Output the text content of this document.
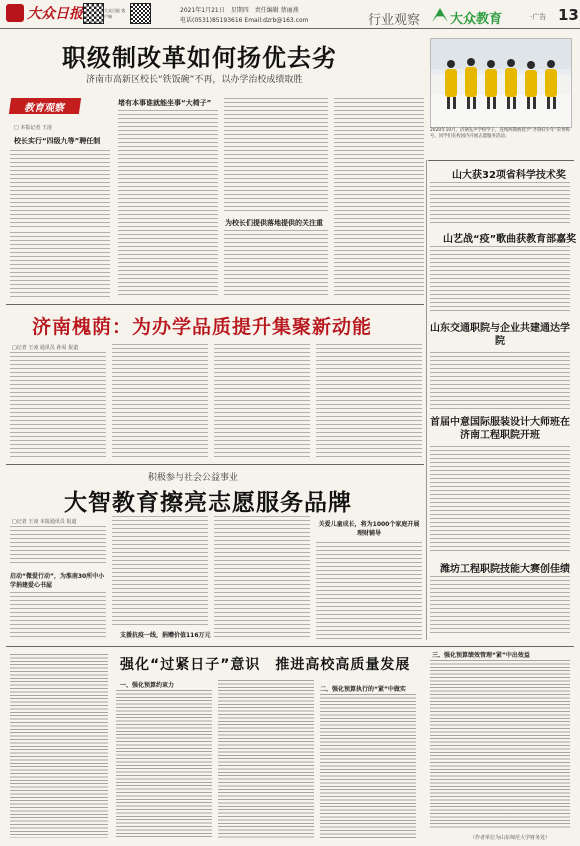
大众日报	大众日报 客户端
2021年1月21日　星期四　责任编辑 蔡丽燕
电话(0531)85193616 Email:dzrb@163.com	行业观察 大众教育	·广告 13
职级制改革如何扬优去劣
济南市高新区校长“铁饭碗”不再，以办学治校成绩取胜
教育观察
□ 本报记者 王凌
校长实行“四级九等”聘任制
堵有本事谁就能坐事“大椅子”
为校长们提供落地提供的关注重
2020年10月，济钢先声学校学子，连续两期被授予“齐鲁好少年”荣誉称号，同学们在校园内开展志愿服务活动。
山大获32项省科学技术奖
山艺战“疫”歌曲获教育部嘉奖
山东交通职院与企业共建通达学院
首届中意国际服装设计大师班在济南工程职院开班
潍坊工程职院技能大赛创佳绩
济南槐荫：为办学品质提升集聚新动能
□记者 王凌 通讯员 孙易 报道
积极参与社会公益事业
大智教育擦亮志愿服务品牌
□记者 王凌 本报通讯员 报道
启动“微爱行动”，为淮南30所中小学捐建爱心书屋
支援抗疫一线，捐赠价值116万元
关爱儿童成长，将为1000个家庭开展理财辅导
强化“过紧日子”意识　推进高校高质量发展
一、强化预算约束力
二、强化预算执行的“紧”中做实
三、强化预算绩效管理“紧”中出效益
（作者单位为山东师范大学财务处）
